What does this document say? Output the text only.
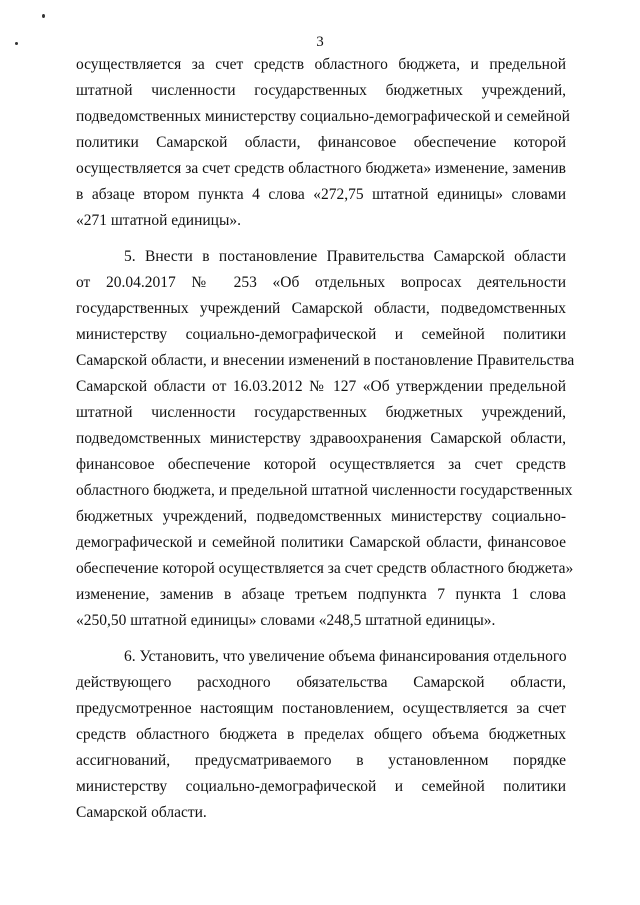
3
осуществляется за счет средств областного бюджета, и предельной
штатной численности государственных бюджетных учреждений,
подведомственных министерству социально-демографической и семейной
политики Самарской области, финансовое обеспечение которой
осуществляется за счет средств областного бюджета» изменение, заменив
в абзаце втором пункта 4 слова «272,75 штатной единицы» словами
«271 штатной единицы».
5. Внести в постановление Правительства Самарской области
от 20.04.2017 № 253 «Об отдельных вопросах деятельности
государственных учреждений Самарской области, подведомственных
министерству социально-демографической и семейной политики
Самарской области, и внесении изменений в постановление Правительства
Самарской области от 16.03.2012 № 127 «Об утверждении предельной
штатной численности государственных бюджетных учреждений,
подведомственных министерству здравоохранения Самарской области,
финансовое обеспечение которой осуществляется за счет средств
областного бюджета, и предельной штатной численности государственных
бюджетных учреждений, подведомственных министерству социально-
демографической и семейной политики Самарской области, финансовое
обеспечение которой осуществляется за счет средств областного бюджета»
изменение, заменив в абзаце третьем подпункта 7 пункта 1 слова
«250,50 штатной единицы» словами «248,5 штатной единицы».
6. Установить, что увеличение объема финансирования отдельного
действующего расходного обязательства Самарской области,
предусмотренное настоящим постановлением, осуществляется за счет
средств областного бюджета в пределах общего объема бюджетных
ассигнований, предусматриваемого в установленном порядке
министерству социально-демографической и семейной политики
Самарской области.
